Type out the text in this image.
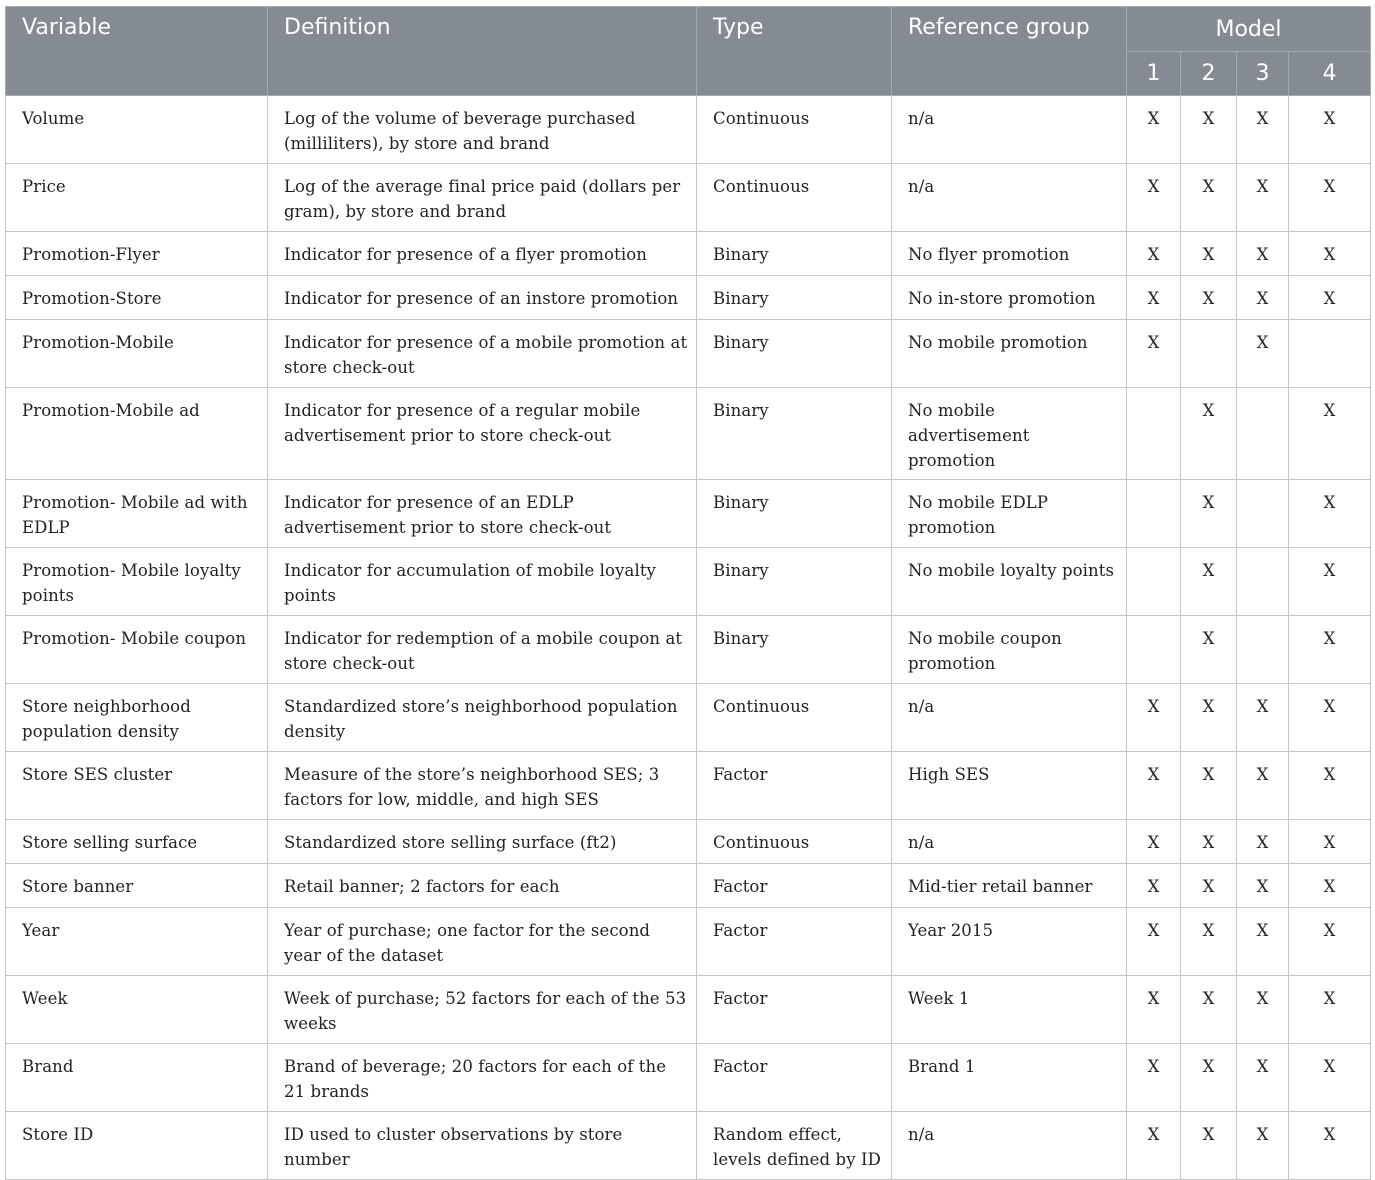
Variable	Definition	Type	Reference group	Model			
				1	2	3	4
Volume	Log of the volume of beverage purchased (milliliters), by store and brand	Continuous	n/a	X	X	X	X
Price	Log of the average final price paid (dollars per gram), by store and brand	Continuous	n/a	X	X	X	X
Promotion-Flyer	Indicator for presence of a flyer promotion	Binary	No flyer promotion	X	X	X	X
Promotion-Store	Indicator for presence of an instore promotion	Binary	No in-store promotion	X	X	X	X
Promotion-Mobile	Indicator for presence of a mobile promotion at store check-out	Binary	No mobile promotion	X		X	
Promotion-Mobile ad	Indicator for presence of a regular mobile advertisement prior to store check-out	Binary	No mobile advertisement promotion		X		X
Promotion- Mobile ad with EDLP	Indicator for presence of an EDLP advertisement prior to store check-out	Binary	No mobile EDLP promotion		X		X
Promotion- Mobile loyalty points	Indicator for accumulation of mobile loyalty points	Binary	No mobile loyalty points		X		X
Promotion- Mobile coupon	Indicator for redemption of a mobile coupon at store check-out	Binary	No mobile coupon promotion		X		X
Store neighborhood population density	Standardized store’s neighborhood population density	Continuous	n/a	X	X	X	X
Store SES cluster	Measure of the store’s neighborhood SES; 3 factors for low, middle, and high SES	Factor	High SES	X	X	X	X
Store selling surface	Standardized store selling surface (ft2)	Continuous	n/a	X	X	X	X
Store banner	Retail banner; 2 factors for each	Factor	Mid-tier retail banner	X	X	X	X
Year	Year of purchase; one factor for the second year of the dataset	Factor	Year 2015	X	X	X	X
Week	Week of purchase; 52 factors for each of the 53 weeks	Factor	Week 1	X	X	X	X
Brand	Brand of beverage; 20 factors for each of the 21 brands	Factor	Brand 1	X	X	X	X
Store ID	ID used to cluster observations by store number	Random effect, levels defined by ID	n/a	X	X	X	X
